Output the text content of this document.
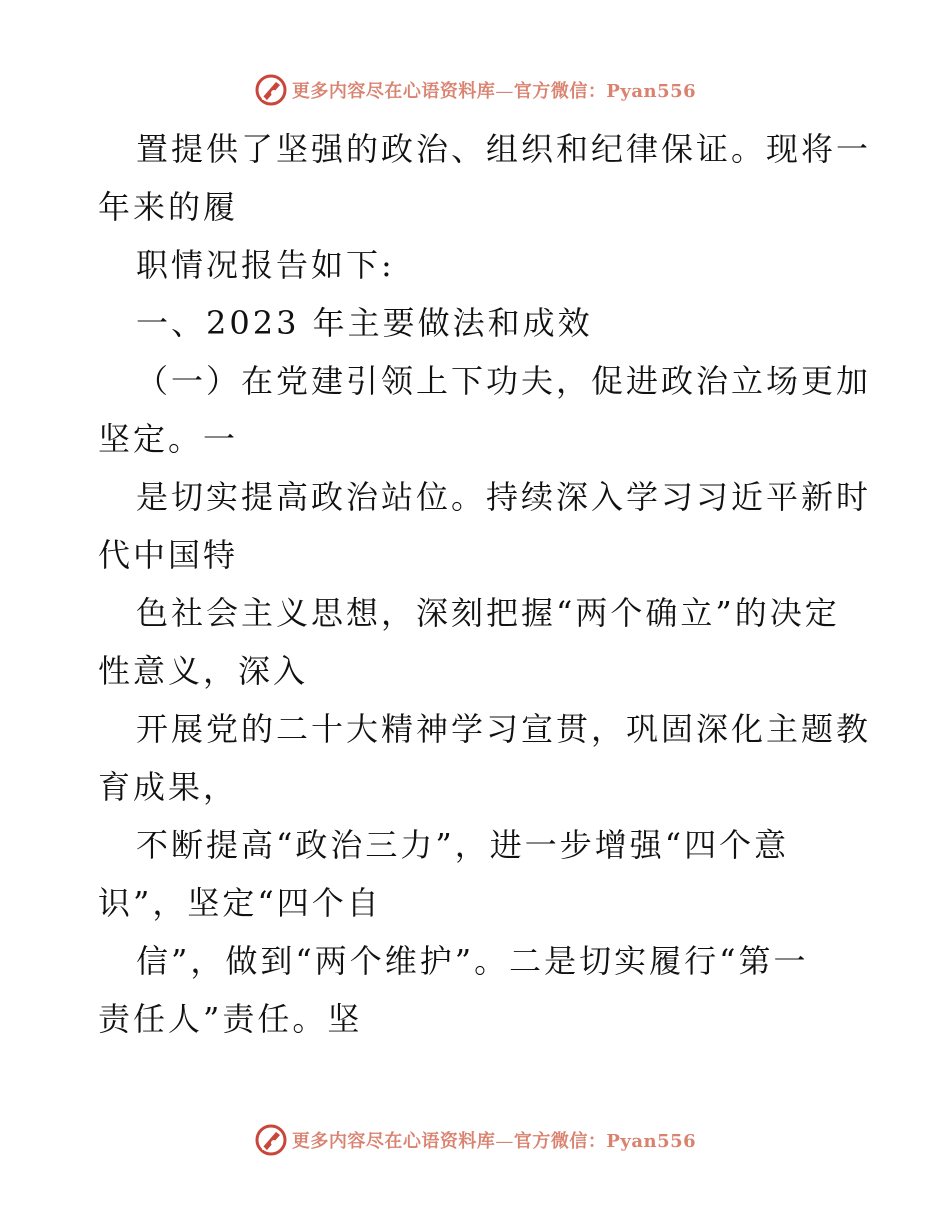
更多内容尽在心语资料库—官方微信：Pyan556
置提供了坚强的政治、组织和纪律保证。现将一
年来的履
职情况报告如下:
一、2023 年主要做法和成效
（一）在党建引领上下功夫，促进政治立场更加
坚定。一
是切实提高政治站位。持续深入学习习近平新时
代中国特
色社会主义思想，深刻把握“两个确立”的决定
性意义，深入
开展党的二十大精神学习宣贯，巩固深化主题教
育成果，
不断提高“政治三力”，进一步增强“四个意
识”，坚定“四个自
信”，做到“两个维护”。二是切实履行“第一
责任人”责任。坚
更多内容尽在心语资料库—官方微信：Pyan556
